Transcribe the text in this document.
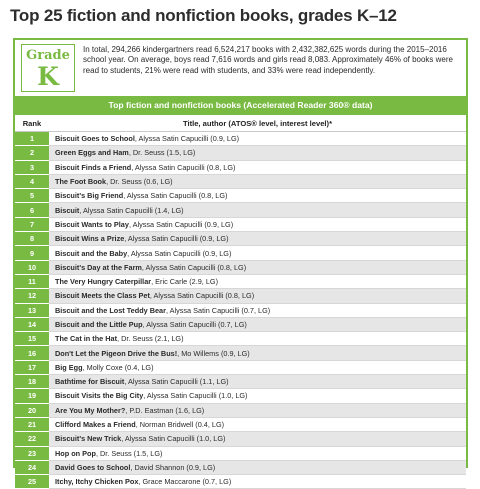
Top 25 fiction and nonfiction books, grades K–12
Grade
K
In total, 294,266 kindergartners read 6,524,217 books with 2,432,382,625 words during the 2015–2016 school year. On average, boys read 7,616 words and girls read 8,083. Approximately 46% of books were read to students, 21% were read with students, and 33% were read independently.
Top fiction and nonfiction books (Accelerated Reader 360® data)
Rank	Title, author (ATOS® level, interest level)*
1	Biscuit Goes to School, Alyssa Satin Capucilli (0.9, LG)
2	Green Eggs and Ham, Dr. Seuss (1.5, LG)
3	Biscuit Finds a Friend, Alyssa Satin Capucilli (0.8, LG)
4	The Foot Book, Dr. Seuss (0.6, LG)
5	Biscuit's Big Friend, Alyssa Satin Capucilli (0.8, LG)
6	Biscuit, Alyssa Satin Capucilli (1.4, LG)
7	Biscuit Wants to Play, Alyssa Satin Capucilli (0.9, LG)
8	Biscuit Wins a Prize, Alyssa Satin Capucilli (0.9, LG)
9	Biscuit and the Baby, Alyssa Satin Capucilli (0.9, LG)
10	Biscuit's Day at the Farm, Alyssa Satin Capucilli (0.8, LG)
11	The Very Hungry Caterpillar, Eric Carle (2.9, LG)
12	Biscuit Meets the Class Pet, Alyssa Satin Capucilli (0.8, LG)
13	Biscuit and the Lost Teddy Bear, Alyssa Satin Capucilli (0.7, LG)
14	Biscuit and the Little Pup, Alyssa Satin Capucilli (0.7, LG)
15	The Cat in the Hat, Dr. Seuss (2.1, LG)
16	Don't Let the Pigeon Drive the Bus!, Mo Willems (0.9, LG)
17	Big Egg, Molly Coxe (0.4, LG)
18	Bathtime for Biscuit, Alyssa Satin Capucilli (1.1, LG)
19	Biscuit Visits the Big City, Alyssa Satin Capucilli (1.0, LG)
20	Are You My Mother?, P.D. Eastman (1.6, LG)
21	Clifford Makes a Friend, Norman Bridwell (0.4, LG)
22	Biscuit's New Trick, Alyssa Satin Capucilli (1.0, LG)
23	Hop on Pop, Dr. Seuss (1.5, LG)
24	David Goes to School, David Shannon (0.9, LG)
25	Itchy, Itchy Chicken Pox, Grace Maccarone (0.7, LG)
